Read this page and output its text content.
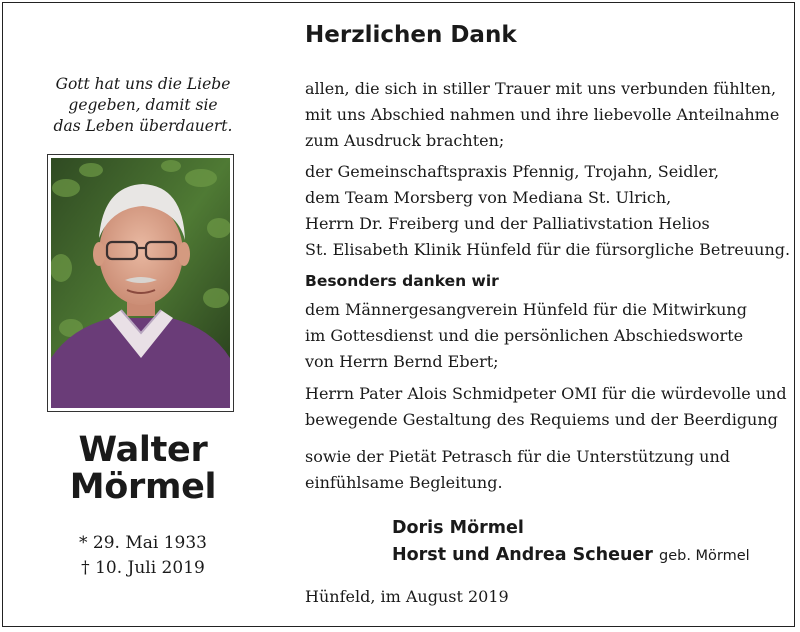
Gott hat uns die Liebe
gegeben, damit sie
das Leben überdauert.
Walter
Mörmel
* 29. Mai 1933
† 10. Juli 2019
Herzlichen Dank
allen, die sich in stiller Trauer mit uns verbunden fühlten,
mit uns Abschied nahmen und ihre liebevolle Anteilnahme
zum Ausdruck brachten;
der Gemeinschaftspraxis Pfennig, Trojahn, Seidler,
dem Team Morsberg von Mediana St. Ulrich,
Herrn Dr. Freiberg und der Palliativstation Helios
St. Elisabeth Klinik Hünfeld für die fürsorgliche Betreuung.
Besonders danken wir
dem Männergesangverein Hünfeld für die Mitwirkung
im Gottesdienst und die persönlichen Abschiedsworte
von Herrn Bernd Ebert;
Herrn Pater Alois Schmidpeter OMI für die würdevolle und
bewegende Gestaltung des Requiems und der Beerdigung
sowie der Pietät Petrasch für die Unterstützung und
einfühlsame Begleitung.
Doris Mörmel
Horst und Andrea Scheuer geb. Mörmel
Hünfeld, im August 2019
